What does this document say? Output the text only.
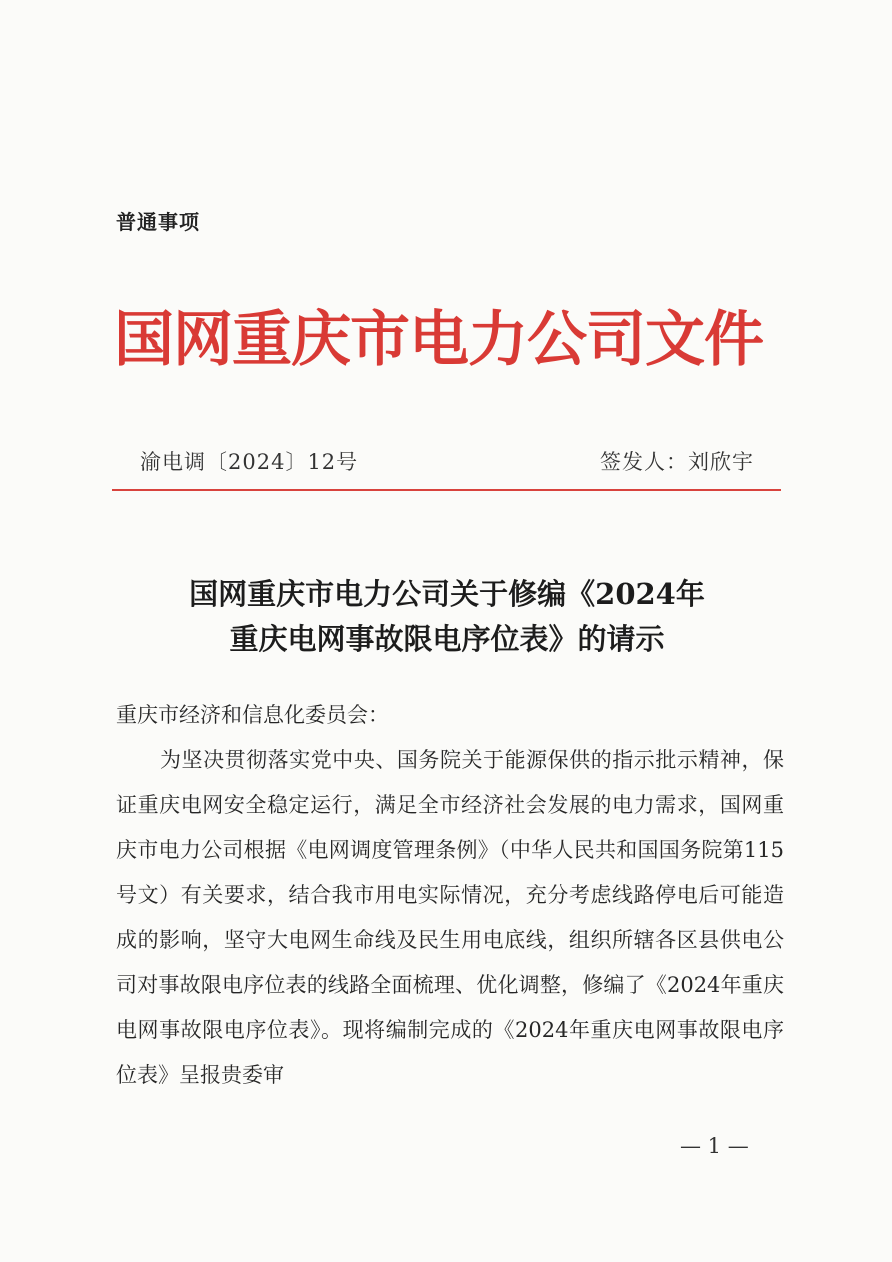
普通事项
国网重庆市电力公司文件
渝电调〔2024〕12号	签发人：刘欣宇
国网重庆市电力公司关于修编《2024年
重庆电网事故限电序位表》的请示
重庆市经济和信息化委员会：
为坚决贯彻落实党中央、国务院关于能源保供的指示批示精神，保证重庆电网安全稳定运行，满足全市经济社会发展的电力需求，国网重庆市电力公司根据《电网调度管理条例》（中华人民共和国国务院第115号文）有关要求，结合我市用电实际情况，充分考虑线路停电后可能造成的影响，坚守大电网生命线及民生用电底线，组织所辖各区县供电公司对事故限电序位表的线路全面梳理、优化调整，修编了《2024年重庆电网事故限电序位表》。现将编制完成的《2024年重庆电网事故限电序位表》呈报贵委审
— 1 —
